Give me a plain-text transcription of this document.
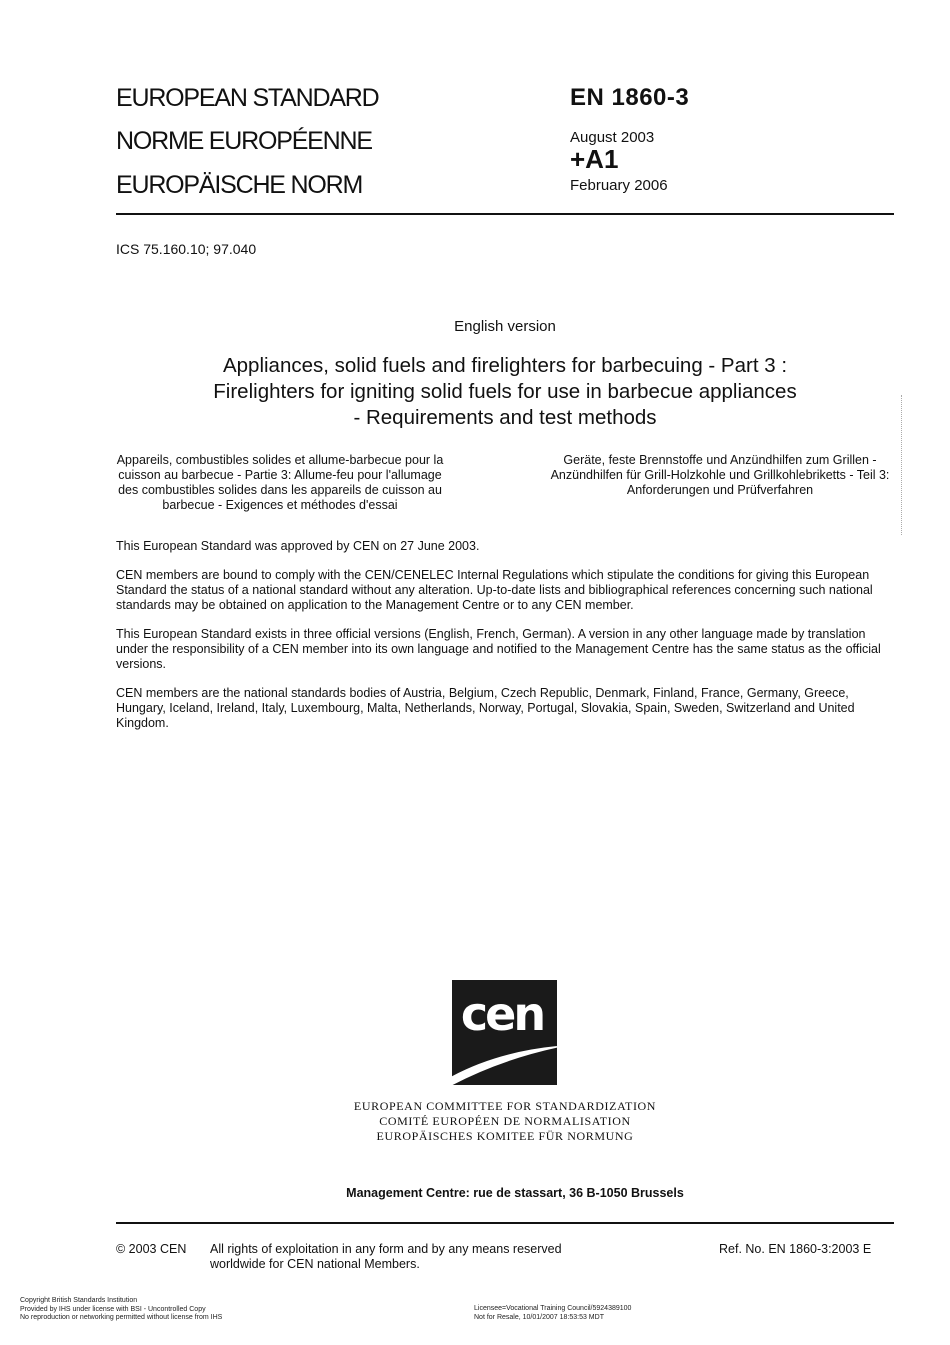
EUROPEAN STANDARD
NORME EUROPÉENNE
EUROPÄISCHE NORM
EN 1860-3
August 2003
+A1
February 2006
ICS 75.160.10; 97.040
English version
Appliances, solid fuels and firelighters for barbecuing - Part 3 :
Firelighters for igniting solid fuels for use in barbecue appliances
- Requirements and test methods
Appareils, combustibles solides et allume-barbecue pour la cuisson au barbecue - Partie 3: Allume-feu pour l'allumage des combustibles solides dans les appareils de cuisson au barbecue - Exigences et méthodes d'essai
Geräte, feste Brennstoffe und Anzündhilfen zum Grillen - Anzündhilfen für Grill-Holzkohle und Grillkohlebriketts - Teil 3: Anforderungen und Prüfverfahren
This European Standard was approved by CEN on 27 June 2003.
CEN members are bound to comply with the CEN/CENELEC Internal Regulations which stipulate the conditions for giving this European Standard the status of a national standard without any alteration. Up-to-date lists and bibliographical references concerning such national standards may be obtained on application to the Management Centre or to any CEN member.
This European Standard exists in three official versions (English, French, German). A version in any other language made by translation under the responsibility of a CEN member into its own language and notified to the Management Centre has the same status as the official versions.
CEN members are the national standards bodies of Austria, Belgium, Czech Republic, Denmark, Finland, France, Germany, Greece, Hungary, Iceland, Ireland, Italy, Luxembourg, Malta, Netherlands, Norway, Portugal, Slovakia, Spain, Sweden, Switzerland and United Kingdom.
cen
EUROPEAN COMMITTEE FOR STANDARDIZATION
COMITÉ EUROPÉEN DE NORMALISATION
EUROPÄISCHES KOMITEE FÜR NORMUNG
Management Centre: rue de stassart, 36 B-1050 Brussels
© 2003 CEN All rights of exploitation in any form and by any means reserved
worldwide for CEN national Members.
Ref. No. EN 1860-3:2003 E
Copyright British Standards Institution
Provided by IHS under license with BSI - Uncontrolled Copy
No reproduction or networking permitted without license from IHS
Licensee=Vocational Training Council/5924389100
Not for Resale, 10/01/2007 18:53:53 MDT
